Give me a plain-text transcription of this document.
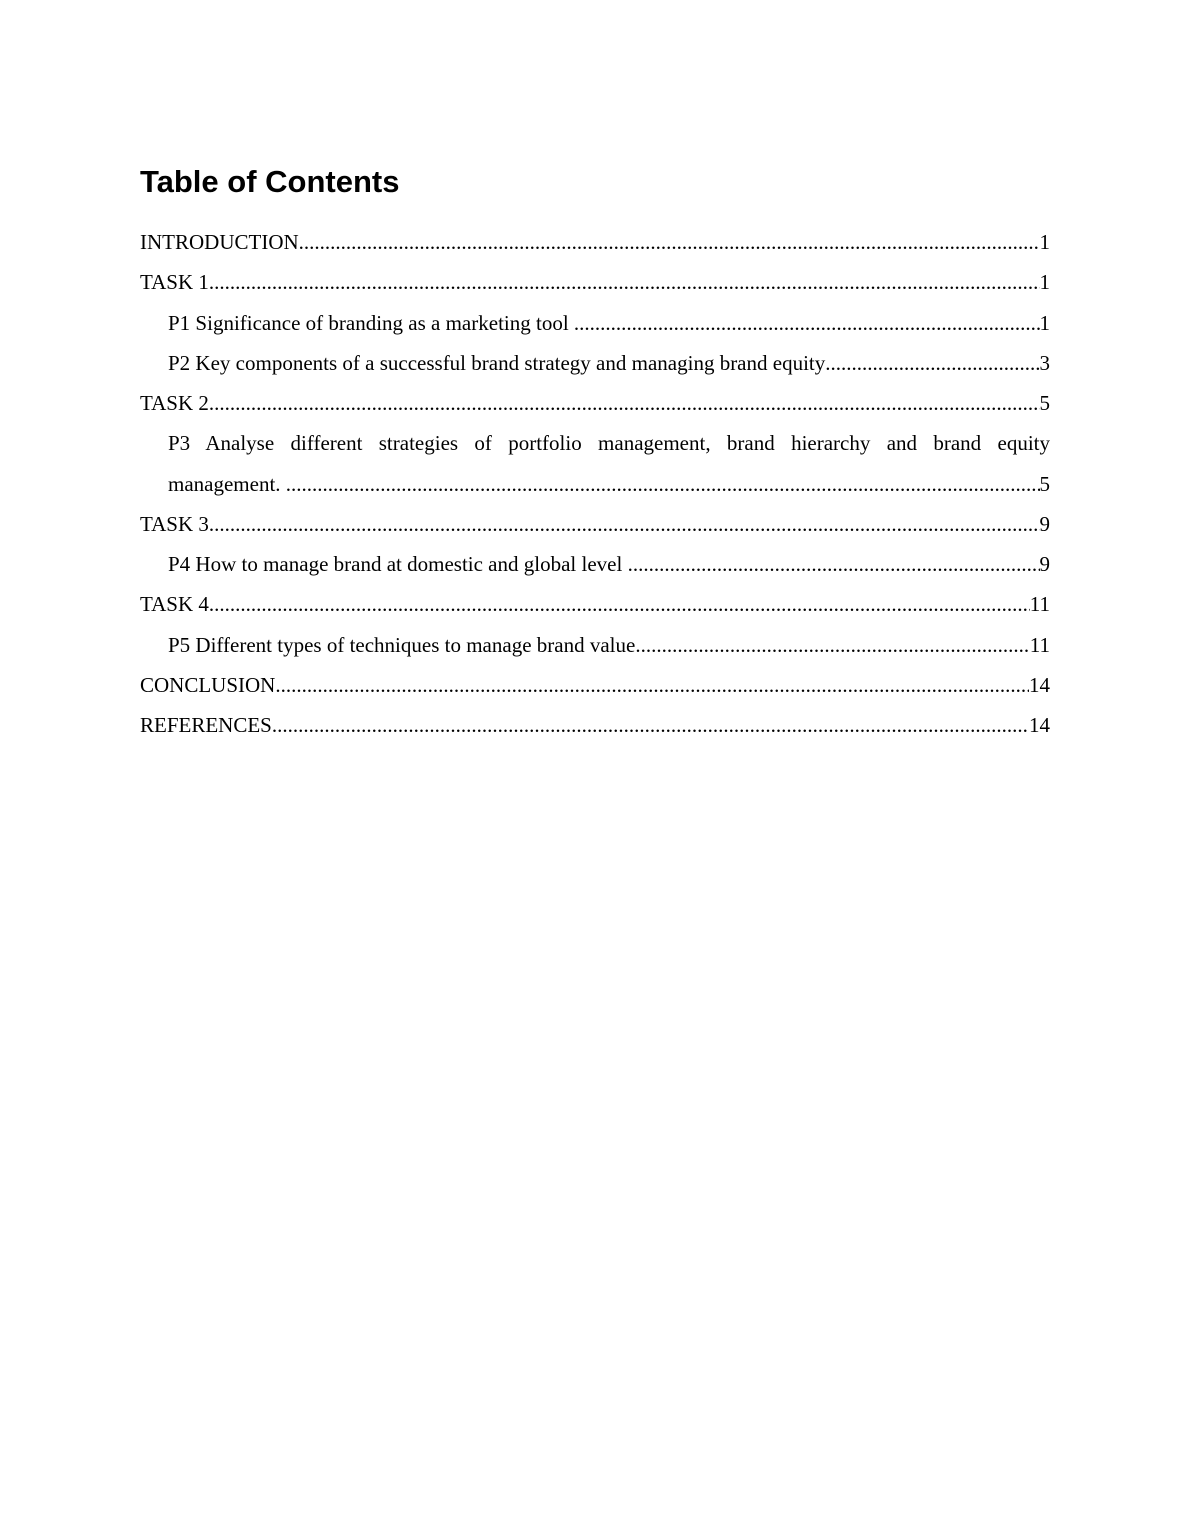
Table of Contents
INTRODUCTION .....	1
TASK 1 .....	1
P1 Significance of branding as a marketing tool .....	1
P2 Key components of a successful brand strategy and managing brand equity .....	3
TASK 2 .....	5
P3 Analyse different strategies of portfolio management, brand hierarchy and brand equity
management. .....	5
TASK 3 .....	9
P4 How to manage brand at domestic and global level .....	9
TASK 4 .....	11
P5 Different types of techniques to manage brand value .....	11
CONCLUSION .....	14
REFERENCES .....	14
